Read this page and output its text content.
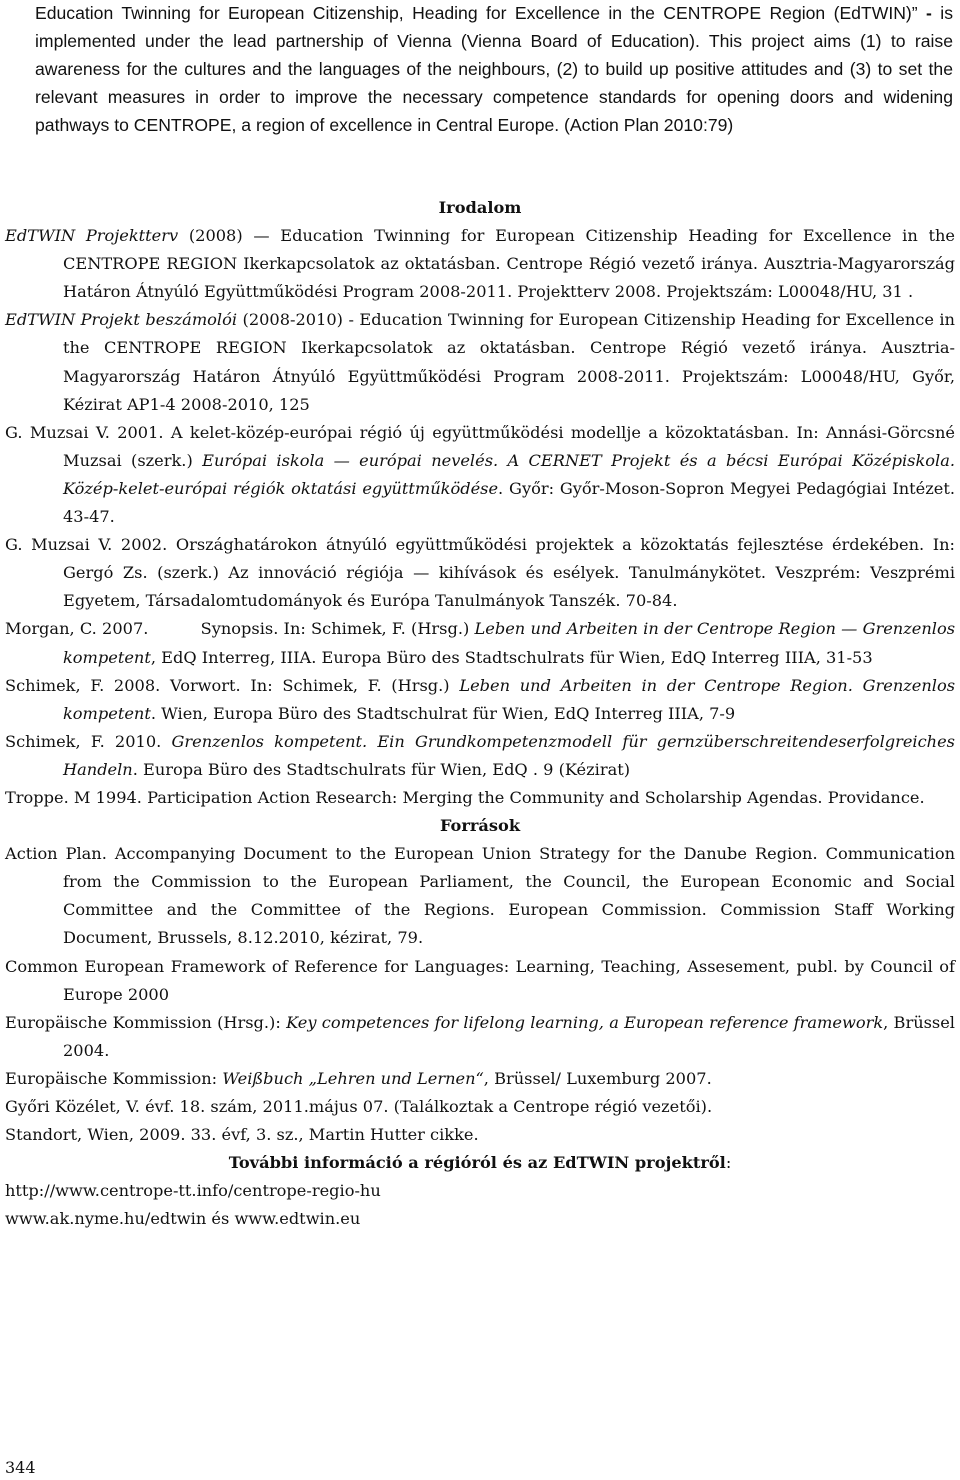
Education Twinning for European Citizenship, Heading for Excellence in the CENTROPE Region (EdTWIN)” - is implemented under the lead partnership of Vienna (Vienna Board of Education). This project aims (1) to raise awareness for the cultures and the languages of the neighbours, (2) to build up positive attitudes and (3) to set the relevant measures in order to improve the necessary competence standards for opening doors and widening pathways to CENTROPE, a region of excellence in Central Europe. (Action Plan 2010:79)

Irodalom

EdTWIN Projektterv (2008) — Education Twinning for European Citizenship Heading for Excellence in the CENTROPE REGION Ikerkapcsolatok az oktatásban. Centrope Régió vezető iránya. Ausztria-Magyarország Határon Átnyúló Együttműködési Program 2008-2011. Projektterv 2008. Projektszám: L00048/HU, 31 .

EdTWIN Projekt beszámolói (2008-2010) - Education Twinning for European Citizenship Heading for Excellence in the CENTROPE REGION Ikerkapcsolatok az oktatásban. Centrope Régió vezető iránya. Ausztria-Magyarország Határon Átnyúló Együttműködési Program 2008-2011. Projektszám: L00048/HU, Győr, Kézirat AP1-4 2008-2010, 125

G. Muzsai V. 2001. A kelet-közép-európai régió új együttműködési modellje a közoktatásban. In: Annási-Görcsné Muzsai (szerk.) Európai iskola — európai nevelés. A CERNET Projekt és a bécsi Európai Középiskola. Közép-kelet-európai régiók oktatási együttműködése. Győr: Győr-Moson-Sopron Megyei Pedagógiai Intézet. 43-47.

G. Muzsai V. 2002. Országhatárokon átnyúló együttműködési projektek a közoktatás fejlesztése érdekében. In: Gergó Zs. (szerk.) Az innováció régiója — kihívások és esélyek. Tanulmánykötet. Veszprém: Veszprémi Egyetem, Társadalomtudományok és Európa Tanulmányok Tanszék. 70-84.

Morgan, C. 2007.          Synopsis. In: Schimek, F. (Hrsg.) Leben und Arbeiten in der Centrope Region — Grenzenlos kompetent, EdQ Interreg, IIIA. Europa Büro des Stadtschulrats für Wien, EdQ Interreg IIIA, 31-53

Schimek, F. 2008. Vorwort. In: Schimek, F. (Hrsg.) Leben und Arbeiten in der Centrope Region. Grenzenlos kompetent. Wien, Europa Büro des Stadtschulrat für Wien, EdQ Interreg IIIA, 7-9

Schimek, F. 2010. Grenzenlos kompetent. Ein Grundkompetenzmodell für gernzüberschreitendeserfolgreiches Handeln. Europa Büro des Stadtschulrats für Wien, EdQ . 9 (Kézirat)

Troppe. M 1994. Participation Action Research: Merging the Community and Scholarship Agendas. Providance.

Források

Action Plan. Accompanying Document to the European Union Strategy for the Danube Region. Communication from the Commission to the European Parliament, the Council, the European Economic and Social Committee and the Committee of the Regions. European Commission. Commission Staff Working Document, Brussels, 8.12.2010, kézirat, 79.

Common European Framework of Reference for Languages: Learning, Teaching, Assesement, publ. by Council of Europe 2000

Europäische Kommission (Hrsg.): Key competences for lifelong learning, a European reference framework, Brüssel 2004.

Europäische Kommission: Weißbuch „Lehren und Lernen“, Brüssel/ Luxemburg 2007.

Győri Közélet, V. évf. 18. szám, 2011.május 07. (Találkoztak a Centrope régió vezetői).

Standort, Wien, 2009. 33. évf, 3. sz., Martin Hutter cikke.

További információ a régióról és az EdTWIN projektről:

http://www.centrope-tt.info/centrope-regio-hu

www.ak.nyme.hu/edtwin és www.edtwin.eu

344
